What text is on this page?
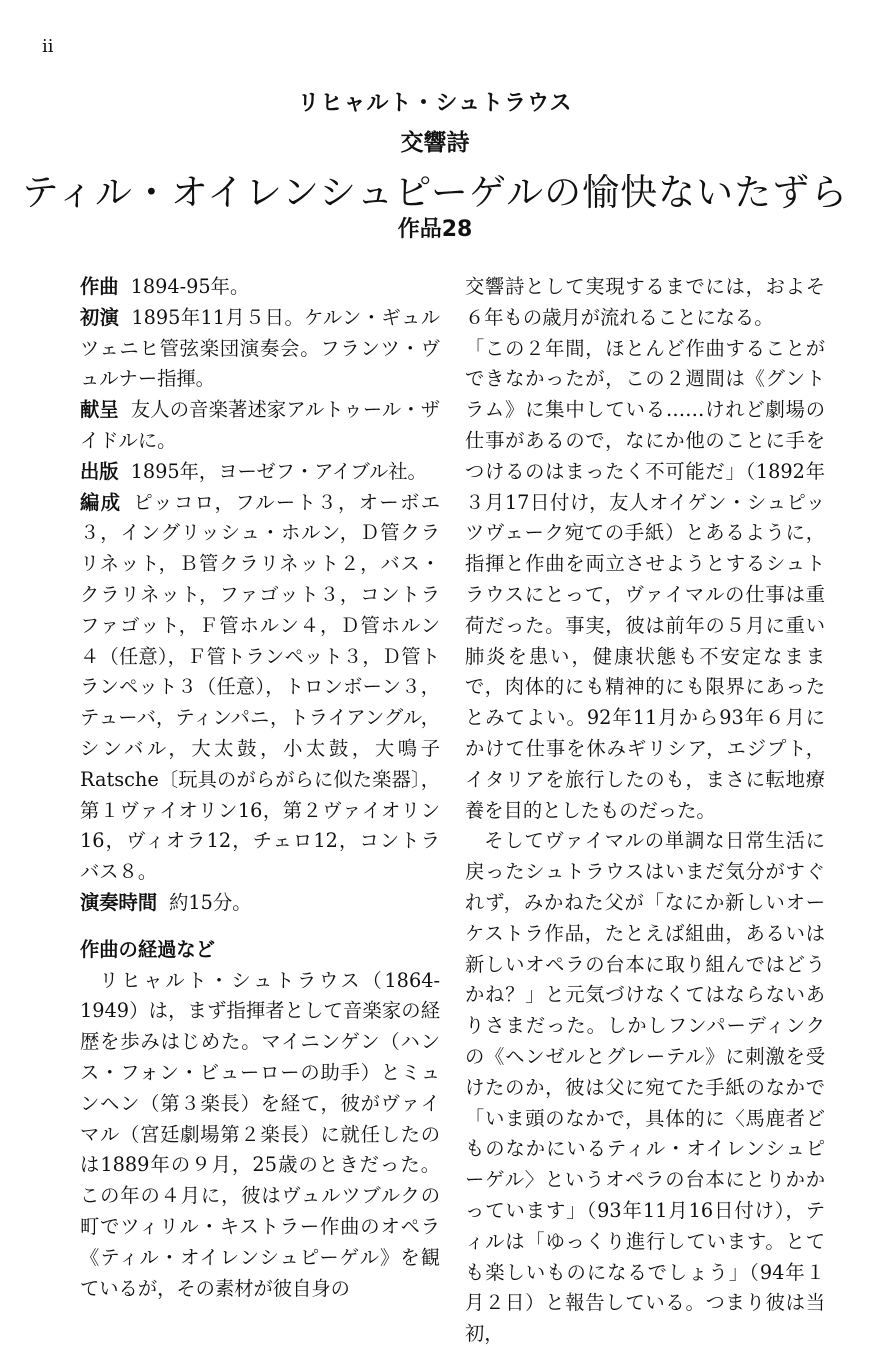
ii
リヒャルト・シュトラウス
交響詩
ティル・オイレンシュピーゲルの愉快ないたずら
作品28

作曲 1894-95年。

初演 1895年11月５日。ケルン・ギュルツェニヒ管弦楽団演奏会。フランツ・ヴュルナー指揮。

献呈 友人の音楽著述家アルトゥール・ザイドルに。

出版 1895年，ヨーゼフ・アイブル社。

編成 ピッコロ，フルート３，オーボエ３，イングリッシュ・ホルン，Ｄ管クラリネット，Ｂ管クラリネット２，バス・クラリネット，ファゴット３，コントラファゴット，Ｆ管ホルン４，Ｄ管ホルン４（任意），Ｆ管トランペット３，Ｄ管トランペット３（任意），トロンボーン３，テューバ，ティンパニ，トライアングル，シンバル，大太鼓，小太鼓，大鳴子 Ratsche〔玩具のがらがらに似た楽器〕，第１ヴァイオリン16，第２ヴァイオリン16，ヴィオラ12，チェロ12，コントラバス８。

演奏時間 約15分。

作曲の経過など

リヒャルト・シュトラウス（1864-1949）は，まず指揮者として音楽家の経歴を歩みはじめた。マイニンゲン（ハンス・フォン・ビューローの助手）とミュンヘン（第３楽長）を経て，彼がヴァイマル（宮廷劇場第２楽長）に就任したのは1889年の９月，25歳のときだった。この年の４月に，彼はヴュルツブルクの町でツィリル・キストラー作曲のオペラ《ティル・オイレンシュピーゲル》を観ているが，その素材が彼自身の

交響詩として実現するまでには，およそ６年もの歳月が流れることになる。

「この２年間，ほとんど作曲することができなかったが，この２週間は《グントラム》に集中している……けれど劇場の仕事があるので，なにか他のことに手をつけるのはまったく不可能だ」（1892年３月17日付け，友人オイゲン・シュピッツヴェーク宛ての手紙）とあるように，指揮と作曲を両立させようとするシュトラウスにとって，ヴァイマルの仕事は重荷だった。事実，彼は前年の５月に重い肺炎を患い，健康状態も不安定なままで，肉体的にも精神的にも限界にあったとみてよい。92年11月から93年６月にかけて仕事を休みギリシア，エジプト，イタリアを旅行したのも，まさに転地療養を目的としたものだった。

そしてヴァイマルの単調な日常生活に戻ったシュトラウスはいまだ気分がすぐれず，みかねた父が「なにか新しいオーケストラ作品，たとえば組曲，あるいは新しいオペラの台本に取り組んではどうかね？」と元気づけなくてはならないありさまだった。しかしフンパーディンクの《ヘンゼルとグレーテル》に刺激を受けたのか，彼は父に宛てた手紙のなかで「いま頭のなかで，具体的に〈馬鹿者どものなかにいるティル・オイレンシュピーゲル〉というオペラの台本にとりかかっています」（93年11月16日付け），ティルは「ゆっくり進行しています。とても楽しいものになるでしょう」（94年１月２日）と報告している。つまり彼は当初，
